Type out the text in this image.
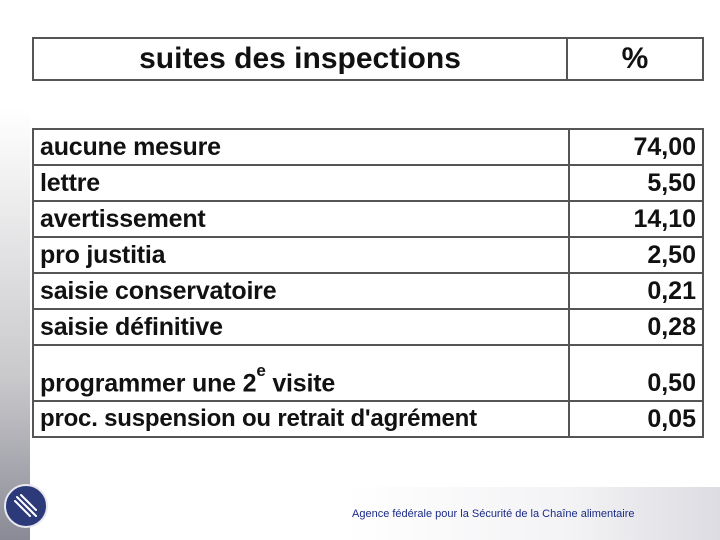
suites des inspections	%
aucune mesure	74,00
lettre	5,50
avertissement	14,10
pro justitia	2,50
saisie conservatoire	0,21
saisie définitive	0,28
programmer une 2e visite	0,50
proc. suspension ou retrait d'agrément	0,05
Agence fédérale pour la Sécurité de la Chaîne alimentaire
